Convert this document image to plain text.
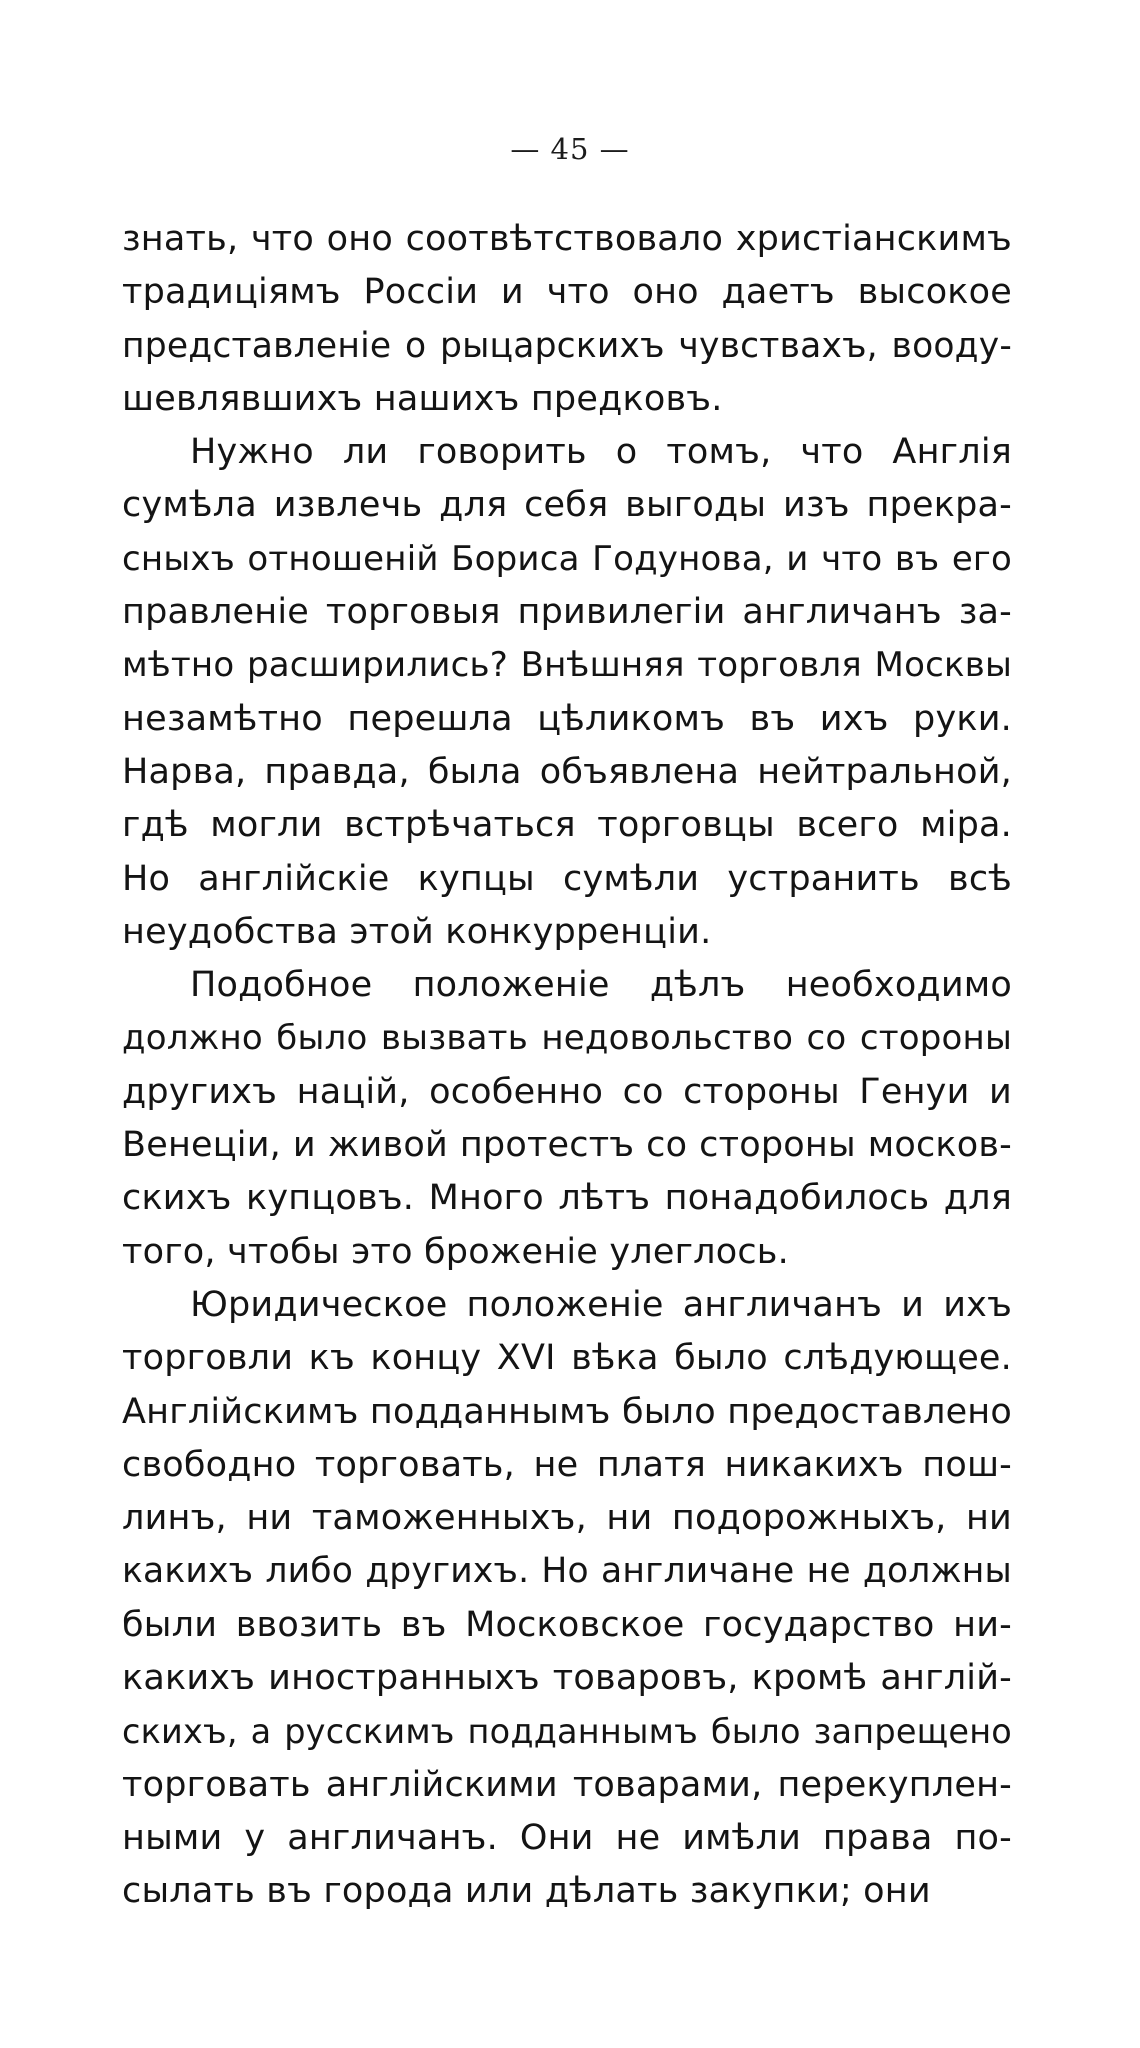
— 45 —
знать, что оно соотвѣтствовало христіанскимъ
традиціямъ Россіи и что оно даетъ высокое
представленіе о рыцарскихъ чувствахъ, вооду-
шевлявшихъ нашихъ предковъ.
Нужно ли говорить о томъ, что Англія
сумѣла извлечь для себя выгоды изъ прекра-
сныхъ отношеній Бориса Годунова, и что въ его
правленіе торговыя привилегіи англичанъ за-
мѣтно расширились? Внѣшняя торговля Москвы
незамѣтно перешла цѣликомъ въ ихъ руки.
Нарва, правда, была объявлена нейтральной,
гдѣ могли встрѣчаться торговцы всего міра.
Но англійскіе купцы сумѣли устранить всѣ
неудобства этой конкурренціи.
Подобное положеніе дѣлъ необходимо
должно было вызвать недовольство со стороны
другихъ націй, особенно со стороны Генуи и
Венеціи, и живой протестъ со стороны москов-
скихъ купцовъ. Много лѣтъ понадобилось для
того, чтобы это броженіе улеглось.
Юридическое положеніе англичанъ и ихъ
торговли къ концу XVI вѣка было слѣдующее.
Англійскимъ подданнымъ было предоставлено
свободно торговать, не платя никакихъ пош-
линъ, ни таможенныхъ, ни подорожныхъ, ни
какихъ либо другихъ. Но англичане не должны
были ввозить въ Московское государство ни-
какихъ иностранныхъ товаровъ, кромѣ англій-
скихъ, а русскимъ подданнымъ было запрещено
торговать англійскими товарами, перекуплен-
ными у англичанъ. Они не имѣли права по-
сылать въ города или дѣлать закупки; они
